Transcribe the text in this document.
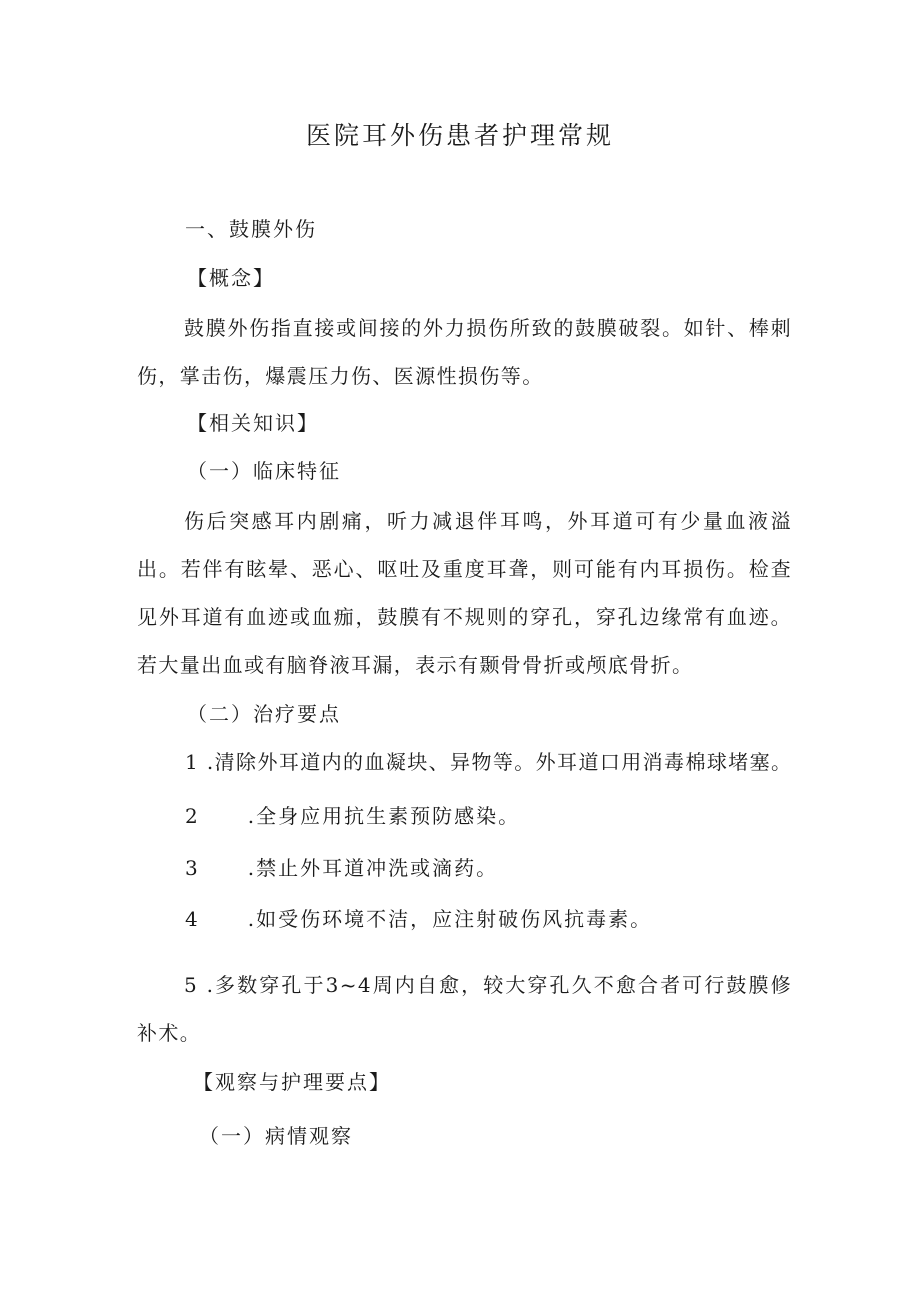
医院耳外伤患者护理常规

一、鼓膜外伤

【概念】

鼓膜外伤指直接或间接的外力损伤所致的鼓膜破裂。如针、棒刺伤，掌击伤，爆震压力伤、医源性损伤等。

【相关知识】

（一）临床特征

伤后突感耳内剧痛，听力减退伴耳鸣，外耳道可有少量血液溢出。若伴有眩晕、恶心、呕吐及重度耳聋，则可能有内耳损伤。检查见外耳道有血迹或血痂，鼓膜有不规则的穿孔，穿孔边缘常有血迹。若大量出血或有脑脊液耳漏，表示有颞骨骨折或颅底骨折。

（二）治疗要点

1 .清除外耳道内的血凝块、异物等。外耳道口用消毒棉球堵塞。

2 .全身应用抗生素预防感染。

3 .禁止外耳道冲洗或滴药。

4 .如受伤环境不洁，应注射破伤风抗毒素。

5 .多数穿孔于3~4周内自愈，较大穿孔久不愈合者可行鼓膜修补术。

【观察与护理要点】

（一）病情观察
